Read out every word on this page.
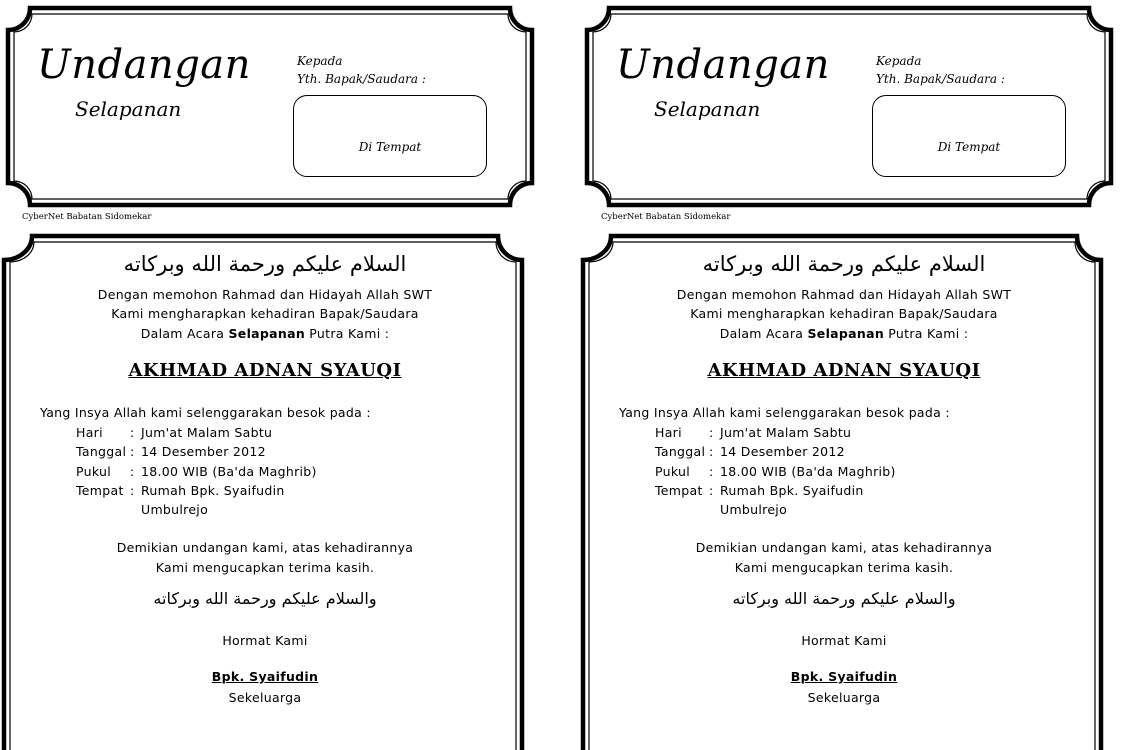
Undangan
Selapanan
Kepada
Yth. Bapak/Saudara :
Di Tempat
CyberNet Babatan Sidomekar
السلام عليكم ورحمة الله وبركاته
Dengan memohon Rahmad dan Hidayah Allah SWT
Kami mengharapkan kehadiran Bapak/Saudara
Dalam Acara Selapanan Putra Kami :
AKHMAD ADNAN SYAUQI
Yang Insya Allah kami selenggarakan besok pada :
Hari	: Jum'at Malam Sabtu
Tanggal : 14 Desember 2012
Pukul	: 18.00 WIB (Ba'da Maghrib)
Tempat : Rumah Bpk. Syaifudin
Umbulrejo
Demikian undangan kami, atas kehadirannya
Kami mengucapkan terima kasih.
والسلام عليكم ورحمة الله وبركاته
Hormat Kami
Bpk. Syaifudin
Sekeluarga
Undangan
Selapanan
Kepada
Yth. Bapak/Saudara :
Di Tempat
CyberNet Babatan Sidomekar
السلام عليكم ورحمة الله وبركاته
Dengan memohon Rahmad dan Hidayah Allah SWT
Kami mengharapkan kehadiran Bapak/Saudara
Dalam Acara Selapanan Putra Kami :
AKHMAD ADNAN SYAUQI
Yang Insya Allah kami selenggarakan besok pada :
Hari	: Jum'at Malam Sabtu
Tanggal : 14 Desember 2012
Pukul	: 18.00 WIB (Ba'da Maghrib)
Tempat : Rumah Bpk. Syaifudin
Umbulrejo
Demikian undangan kami, atas kehadirannya
Kami mengucapkan terima kasih.
والسلام عليكم ورحمة الله وبركاته
Hormat Kami
Bpk. Syaifudin
Sekeluarga
